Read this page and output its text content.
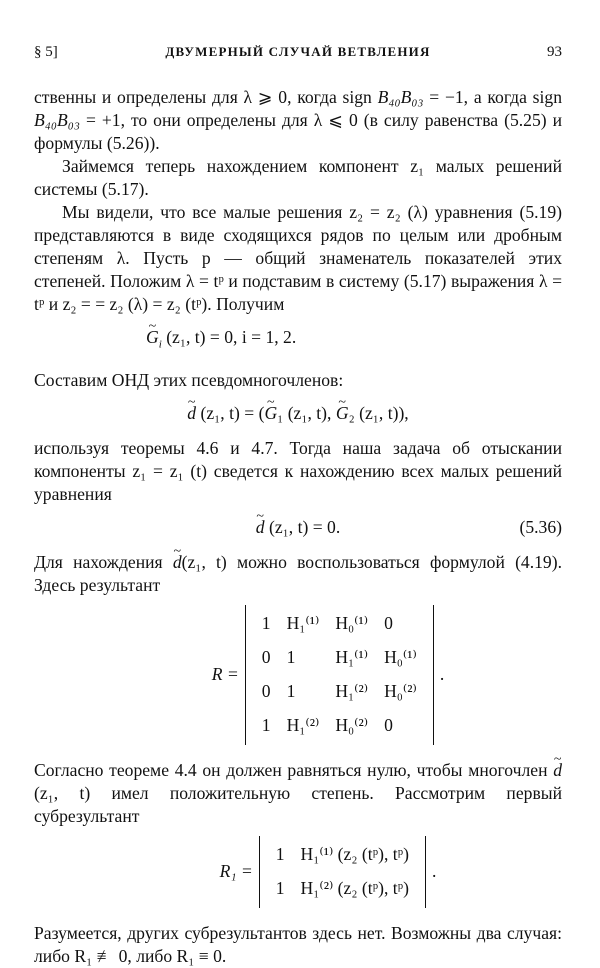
§ 5]	ДВУМЕРНЫЙ СЛУЧАЙ ВЕТВЛЕНИЯ	93

ственны и определены для λ ⩾ 0, когда sign B₄₀B₀₃ = −1, а когда sign B₄₀B₀₃ = +1, то они определены для λ ⩽ 0 (в силу равенства (5.25) и формулы (5.26)).

Займемся теперь нахождением компонент z₁ малых решений системы (5.17).

Мы видели, что все малые решения z₂ = z₂ (λ) уравнения (5.19) представляются в виде сходящихся рядов по целым или дробным степеням λ. Пусть p — общий знаменатель показателей этих степеней. Положим λ = tᵖ и подставим в систему (5.17) выражения λ = tᵖ и z₂ = = z₂ (λ) = z₂ (tᵖ). Получим

~ $G_i$ (z₁, t) = 0, i = 1, 2.

Составим ОНД этих псевдомногочленов:

~ d (z₁, t) = (~ G₁ (z₁, t), ~ G₂ (z₁, t)),

используя теоремы 4.6 и 4.7. Тогда наша задача об отыскании компоненты z₁ = z₁ (t) сведется к нахождению всех малых решений уравнения

~ d (z₁, t) = 0.	(5.36)

Для нахождения ~ d(z₁, t) можно воспользоваться формулой (4.19). Здесь результант

R =
1	H₁⁽¹⁾	H₀⁽¹⁾	0
0	1	H₁⁽¹⁾	H₀⁽¹⁾
0	1	H₁⁽²⁾	H₀⁽²⁾
1	H₁⁽²⁾	H₀⁽²⁾	0
.

Согласно теореме 4.4 он должен равняться нулю, чтобы многочлен ~ d (z₁, t) имел положительную степень. Рассмотрим первый субрезультант

R₁ =
1	H₁⁽¹⁾ (z₂ (tᵖ), tᵖ)
1	H₁⁽²⁾ (z₂ (tᵖ), tᵖ)
.

Разумеется, других субрезультантов здесь нет. Возможны два случая: либо R₁ ≢ 0, либо R₁ ≡ 0.
